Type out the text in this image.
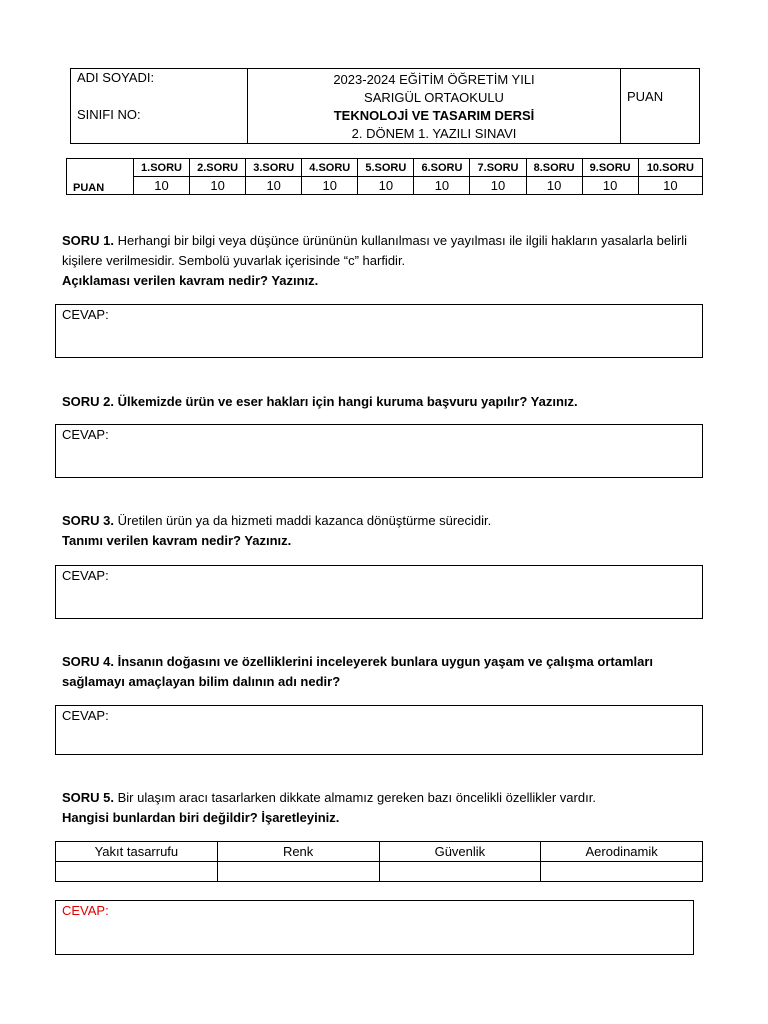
ADI SOYADI:
SINIFI NO:

2023-2024 EĞİTİM ÖĞRETİM YILI
SARIGÜL ORTAOKULU
TEKNOLOJİ VE TASARIM DERSİ
2. DÖNEM 1. YAZILI SINAVI
	PUAN
PUAN	1.SORU	2.SORU	3.SORU	4.SORU	5.SORU	6.SORU	7.SORU	8.SORU	9.SORU	10.SORU
	10	10	10	10	10	10	10	10	10	10
SORU 1. Herhangi bir bilgi veya düşünce ürününün kullanılması ve yayılması ile ilgili hakların yasalarla belirli kişilere verilmesidir. Sembolü yuvarlak içerisinde “c” harfidir.
Açıklaması verilen kavram nedir? Yazınız.
CEVAP:
SORU 2. Ülkemizde ürün ve eser hakları için hangi kuruma başvuru yapılır? Yazınız.
CEVAP:
SORU 3. Üretilen ürün ya da hizmeti maddi kazanca dönüştürme sürecidir.
Tanımı verilen kavram nedir? Yazınız.
CEVAP:
SORU 4. İnsanın doğasını ve özelliklerini inceleyerek bunlara uygun yaşam ve çalışma ortamları sağlamayı amaçlayan bilim dalının adı nedir?
CEVAP:
SORU 5. Bir ulaşım aracı tasarlarken dikkate almamız gereken bazı öncelikli özellikler vardır.
Hangisi bunlardan biri değildir? İşaretleyiniz.
Yakıt tasarrufu	Renk	Güvenlik	Aerodinamik

CEVAP:
